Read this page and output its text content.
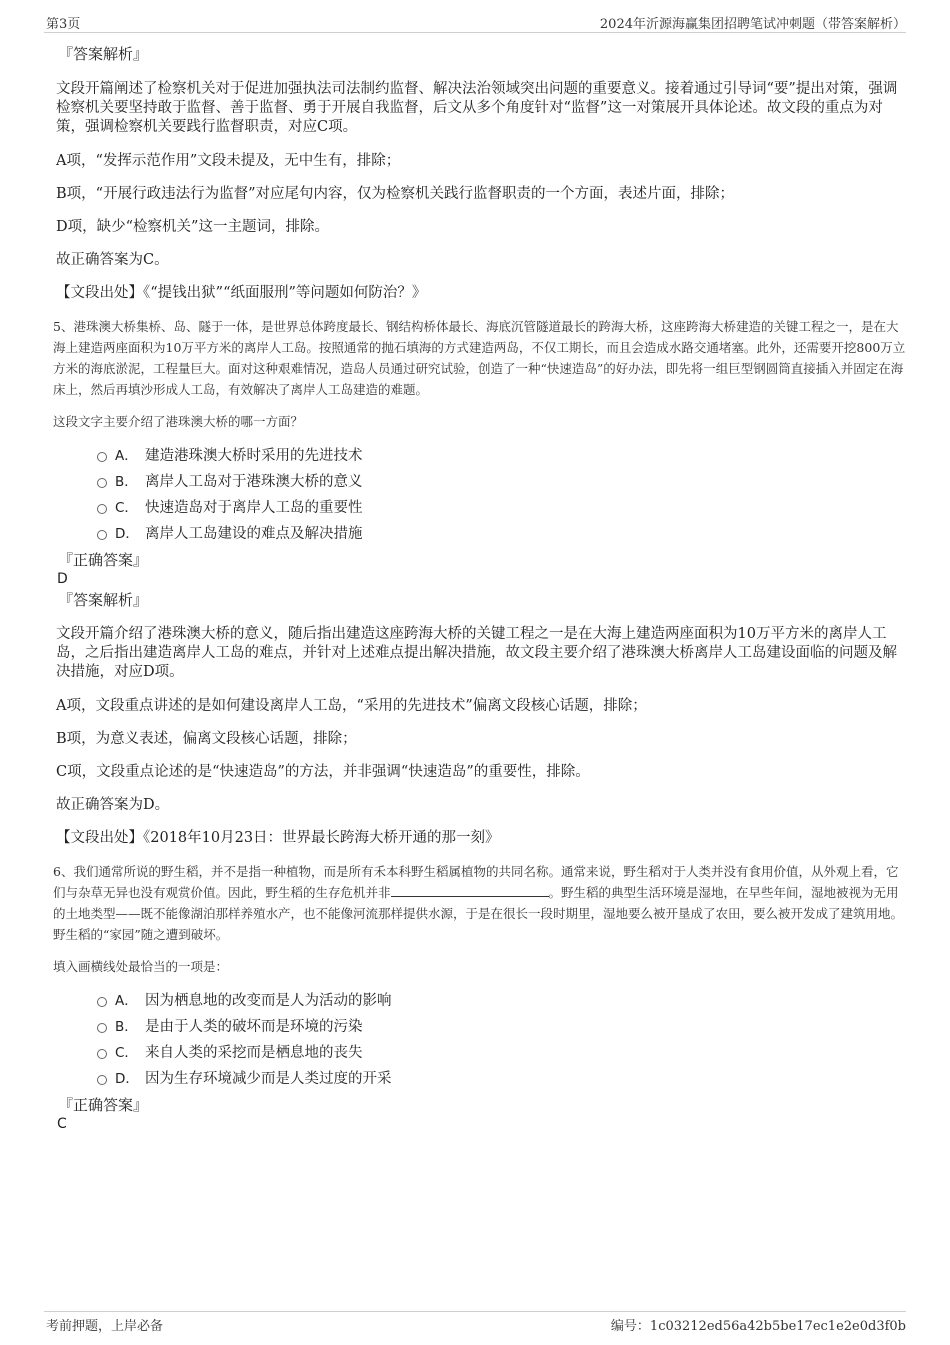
第3页	2024年沂源海赢集团招聘笔试冲刺题（带答案解析）
『答案解析』

文段开篇阐述了检察机关对于促进加强执法司法制约监督、解决法治领域突出问题的重要意义。接着通过引导词“要”提出对策，强调检察机关要坚持敢于监督、善于监督、勇于开展自我监督，后文从多个角度针对“监督”这一对策展开具体论述。故文段的重点为对策，强调检察机关要践行监督职责，对应C项。

A项，“发挥示范作用”文段未提及，无中生有，排除；
B项，“开展行政违法行为监督”对应尾句内容，仅为检察机关践行监督职责的一个方面，表述片面，排除；
D项，缺少“检察机关”这一主题词，排除。
故正确答案为C。
【文段出处】《“提钱出狱”“纸面服刑”等问题如何防治？》
5、港珠澳大桥集桥、岛、隧于一体，是世界总体跨度最长、钢结构桥体最长、海底沉管隧道最长的跨海大桥，这座跨海大桥建造的关键工程之一，是在大海上建造两座面积为10万平方米的离岸人工岛。按照通常的抛石填海的方式建造两岛，不仅工期长，而且会造成水路交通堵塞。此外，还需要开挖800万立方米的海底淤泥，工程量巨大。面对这种艰难情况，造岛人员通过研究试验，创造了一种“快速造岛”的好办法，即先将一组巨型钢圆筒直接插入并固定在海床上，然后再填沙形成人工岛，有效解决了离岸人工岛建造的难题。
这段文字主要介绍了港珠澳大桥的哪一方面？
A． 建造港珠澳大桥时采用的先进技术
B． 离岸人工岛对于港珠澳大桥的意义
C． 快速造岛对于离岸人工岛的重要性
D． 离岸人工岛建设的难点及解决措施
『正确答案』
D
『答案解析』

文段开篇介绍了港珠澳大桥的意义，随后指出建造这座跨海大桥的关键工程之一是在大海上建造两座面积为10万平方米的离岸人工岛，之后指出建造离岸人工岛的难点，并针对上述难点提出解决措施，故文段主要介绍了港珠澳大桥离岸人工岛建设面临的问题及解决措施，对应D项。

A项，文段重点讲述的是如何建设离岸人工岛，“采用的先进技术”偏离文段核心话题，排除；
B项，为意义表述，偏离文段核心话题，排除；
C项，文段重点论述的是“快速造岛”的方法，并非强调“快速造岛”的重要性，排除。
故正确答案为D。
【文段出处】《2018年10月23日：世界最长跨海大桥开通的那一刻》
6、我们通常所说的野生稻，并不是指一种植物，而是所有禾本科野生稻属植物的共同名称。通常来说，野生稻对于人类并没有食用价值，从外观上看，它们与杂草无异也没有观赏价值。因此，野生稻的生存危机并非	。野生稻的典型生活环境是湿地，在早些年间，湿地被视为无用的土地类型——既不能像湖泊那样养殖水产，也不能像河流那样提供水源，于是在很长一段时期里，湿地要么被开垦成了农田，要么被开发成了建筑用地。野生稻的“家园”随之遭到破坏。
填入画横线处最恰当的一项是：
A． 因为栖息地的改变而是人为活动的影响
B． 是由于人类的破坏而是环境的污染
C． 来自人类的采挖而是栖息地的丧失
D． 因为生存环境减少而是人类过度的开采
『正确答案』
C
考前押题，上岸必备	编号：1c03212ed56a42b5be17ec1e2e0d3f0b
